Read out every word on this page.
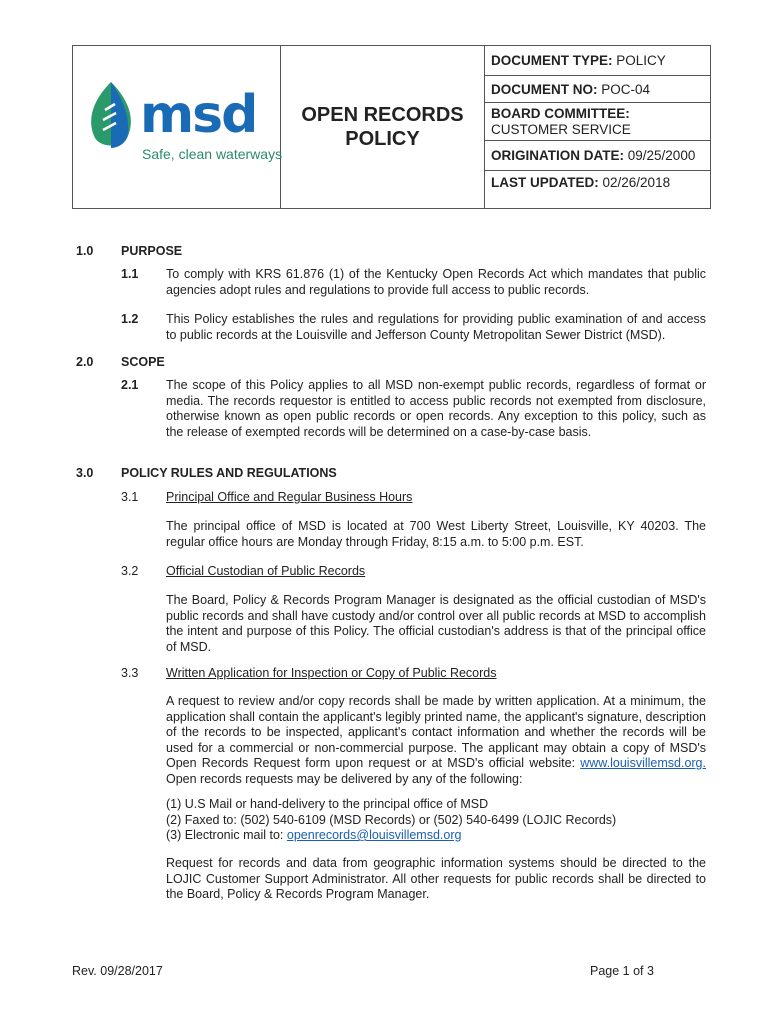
msd
Safe, clean waterways
OPEN RECORDS POLICY
DOCUMENT TYPE: POLICY
DOCUMENT NO: POC-04
BOARD COMMITTEE:
CUSTOMER SERVICE
ORIGINATION DATE: 09/25/2000
LAST UPDATED: 02/26/2018
1.0 PURPOSE
1.1 To comply with KRS 61.876 (1) of the Kentucky Open Records Act which mandates that public agencies adopt rules and regulations to provide full access to public records.
1.2 This Policy establishes the rules and regulations for providing public examination of and access to public records at the Louisville and Jefferson County Metropolitan Sewer District (MSD).
2.0 SCOPE
2.1 The scope of this Policy applies to all MSD non-exempt public records, regardless of format or media. The records requestor is entitled to access public records not exempted from disclosure, otherwise known as open public records or open records. Any exception to this policy, such as the release of exempted records will be determined on a case-by-case basis.
3.0 POLICY RULES AND REGULATIONS
3.1 Principal Office and Regular Business Hours
The principal office of MSD is located at 700 West Liberty Street, Louisville, KY 40203. The regular office hours are Monday through Friday, 8:15 a.m. to 5:00 p.m. EST.
3.2 Official Custodian of Public Records
The Board, Policy & Records Program Manager is designated as the official custodian of MSD's public records and shall have custody and/or control over all public records at MSD to accomplish the intent and purpose of this Policy. The official custodian's address is that of the principal office of MSD.
3.3 Written Application for Inspection or Copy of Public Records
A request to review and/or copy records shall be made by written application. At a minimum, the application shall contain the applicant's legibly printed name, the applicant's signature, description of the records to be inspected, applicant's contact information and whether the records will be used for a commercial or non-commercial purpose. The applicant may obtain a copy of MSD's Open Records Request form upon request or at MSD's official website: www.louisvillemsd.org. Open records requests may be delivered by any of the following:
(1) U.S Mail or hand-delivery to the principal office of MSD
(2) Faxed to: (502) 540-6109 (MSD Records) or (502) 540-6499 (LOJIC Records)
(3) Electronic mail to: openrecords@louisvillemsd.org
Request for records and data from geographic information systems should be directed to the LOJIC Customer Support Administrator. All other requests for public records shall be directed to the Board, Policy & Records Program Manager.
Rev. 09/28/2017	Page 1 of 3
